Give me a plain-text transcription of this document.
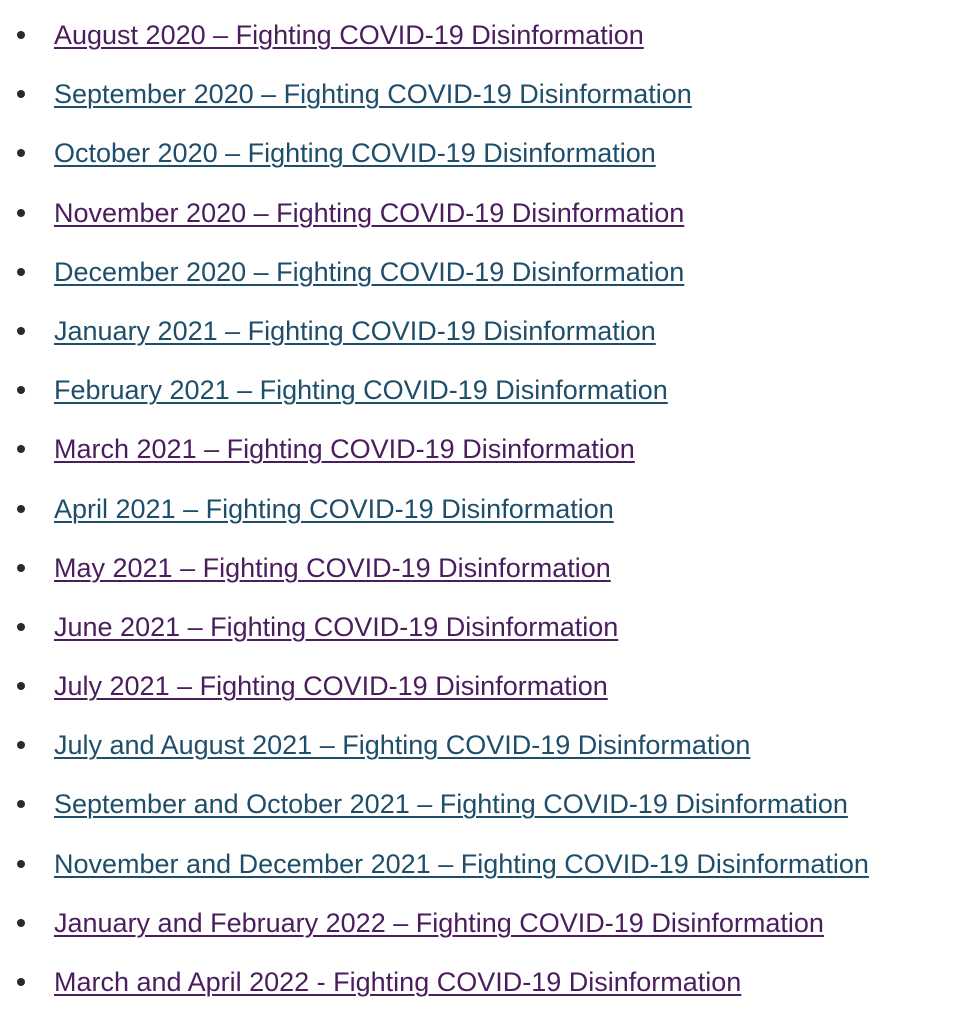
August 2020 – Fighting COVID-19 Disinformation
September 2020 – Fighting COVID-19 Disinformation
October 2020 – Fighting COVID-19 Disinformation
November 2020 – Fighting COVID-19 Disinformation
December 2020 – Fighting COVID-19 Disinformation
January 2021 – Fighting COVID-19 Disinformation
February 2021 – Fighting COVID-19 Disinformation
March 2021 – Fighting COVID-19 Disinformation
April 2021 – Fighting COVID-19 Disinformation
May 2021 – Fighting COVID-19 Disinformation
June 2021 – Fighting COVID-19 Disinformation
July 2021 – Fighting COVID-19 Disinformation
July and August 2021 – Fighting COVID-19 Disinformation
September and October 2021 – Fighting COVID-19 Disinformation
November and December 2021 – Fighting COVID-19 Disinformation
January and February 2022 – Fighting COVID-19 Disinformation
March and April 2022 - Fighting COVID-19 Disinformation
